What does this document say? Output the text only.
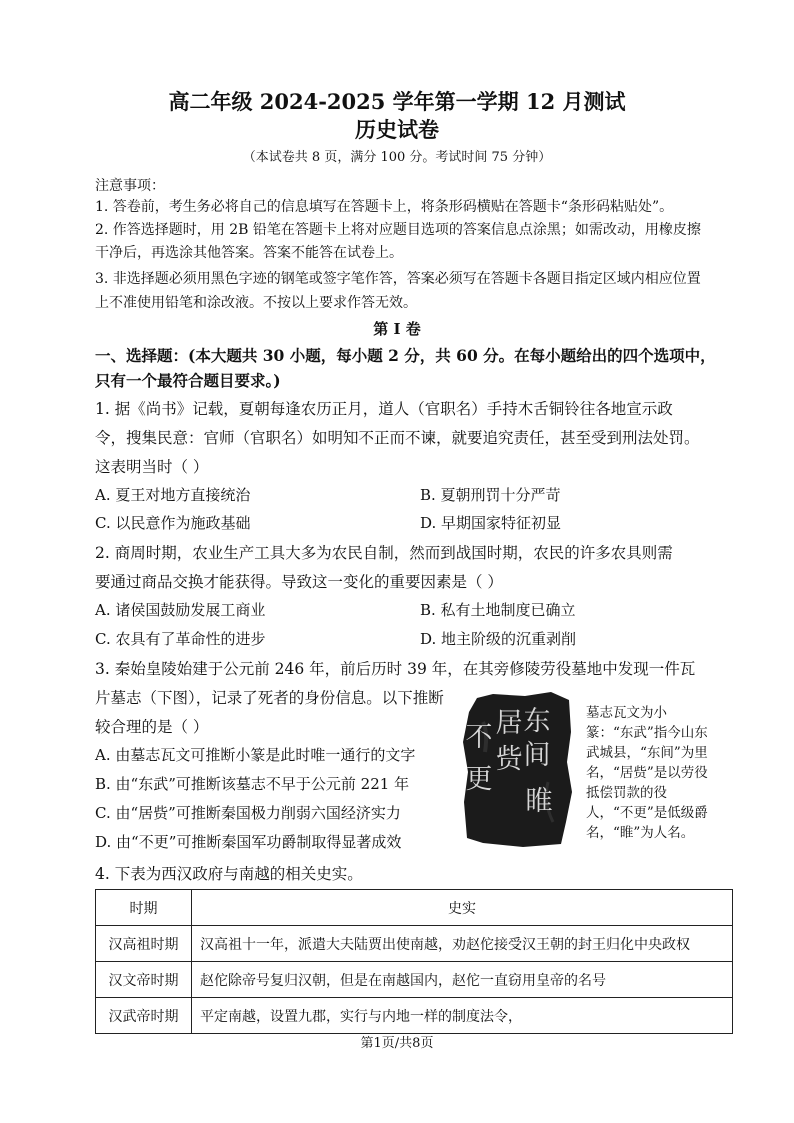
高二年级 2024-2025 学年第一学期 12 月测试
历史试卷
（本试卷共 8 页，满分 100 分。考试时间 75 分钟）
注意事项：
1. 答卷前，考生务必将自己的信息填写在答题卡上，将条形码横贴在答题卡“条形码粘贴处”。
2. 作答选择题时，用 2B 铅笔在答题卡上将对应题目选项的答案信息点涂黑；如需改动，用橡皮擦
干净后，再选涂其他答案。答案不能答在试卷上。
3. 非选择题必须用黑色字迹的钢笔或签字笔作答，答案必须写在答题卡各题目指定区域内相应位置
上不准使用铅笔和涂改液。不按以上要求作答无效。
第 I 卷
一、选择题：(本大题共 30 小题，每小题 2 分，共 60 分。在每小题给出的四个选项中，
只有一个最符合题目要求。)
1. 据《尚书》记载，夏朝每逢农历正月，道人（官职名）手持木舌铜铃往各地宣示政
令，搜集民意：官师（官职名）如明知不正而不谏，就要追究责任，甚至受到刑法处罚。
这表明当时（ ）
A. 夏王对地方直接统治	B. 夏朝刑罚十分严苛
C. 以民意作为施政基础	D. 早期国家特征初显
2. 商周时期，农业生产工具大多为农民自制，然而到战国时期，农民的许多农具则需
要通过商品交换才能获得。导致这一变化的重要因素是（ ）
A. 诸侯国鼓励发展工商业	B. 私有土地制度已确立
C. 农具有了革命性的进步	D. 地主阶级的沉重剥削
3. 秦始皇陵始建于公元前 246 年，前后历时 39 年，在其旁修陵劳役墓地中发现一件瓦
片墓志（下图），记录了死者的身份信息。以下推断
较合理的是（ ）
A. 由墓志瓦文可推断小篆是此时唯一通行的文字
B. 由“东武”可推断该墓志不早于公元前 221 年
C. 由“居赀”可推断秦国极力削弱六国经济实力
D. 由“不更”可推断秦国军功爵制取得显著成效
东
间
居
赀
不
更
睢
墓志瓦文为小篆：“东武”指今山东武城县，“东间”为里名，“居赀”是以劳役抵偿罚款的役人，“不更”是低级爵名，“睢”为人名。
4. 下表为西汉政府与南越的相关史实。
时期	史实
汉高祖时期	汉高祖十一年，派遣大夫陆贾出使南越，劝赵佗接受汉王朝的封王归化中央政权
汉文帝时期	赵佗除帝号复归汉朝，但是在南越国内，赵佗一直窃用皇帝的名号
汉武帝时期	平定南越，设置九郡，实行与内地一样的制度法令，
第1页/共8页
